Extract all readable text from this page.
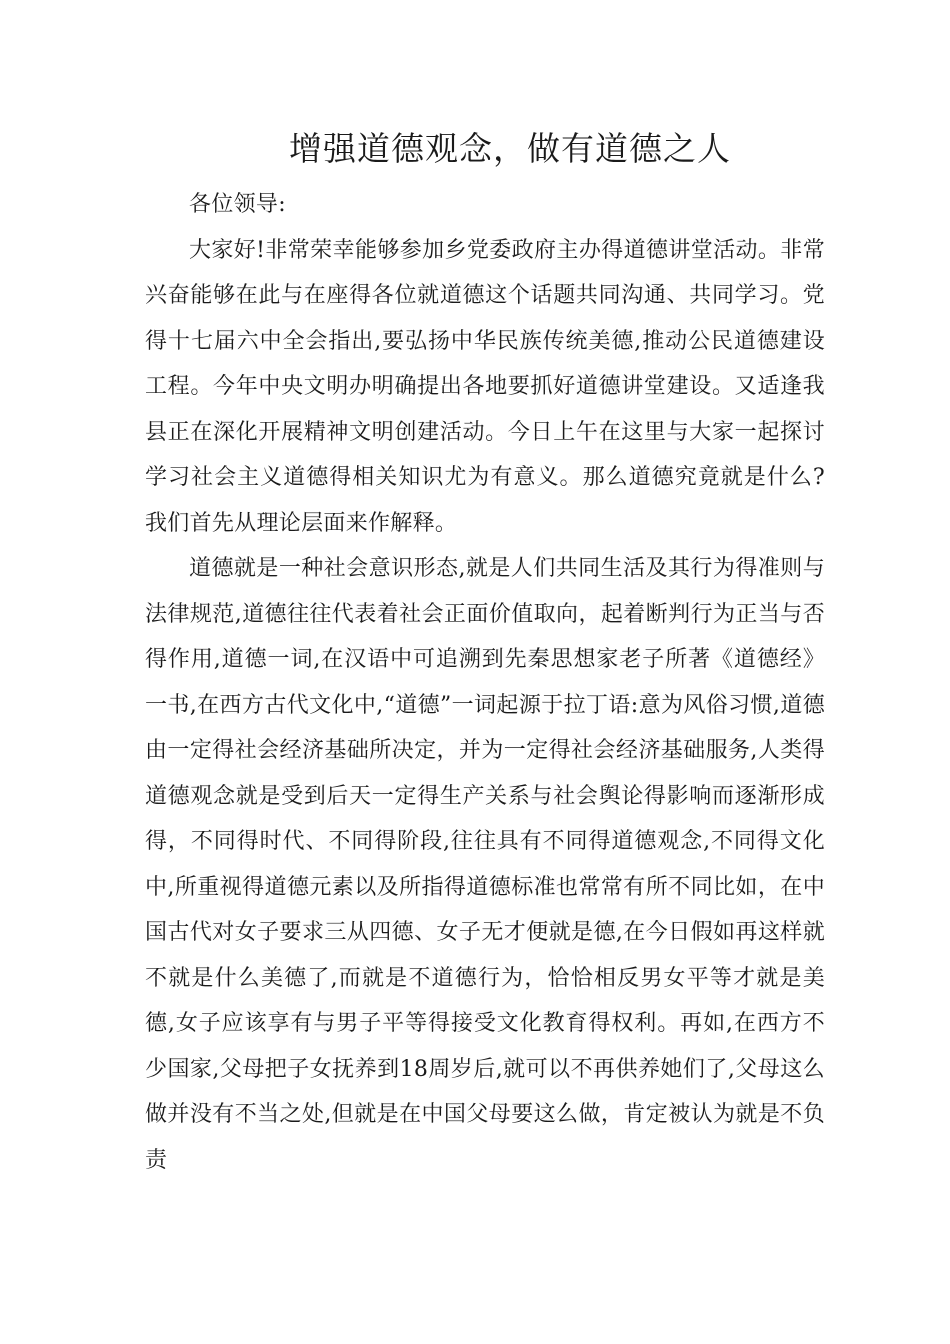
增强道德观念，做有道德之人

各位领导:

大家好!非常荣幸能够参加乡党委政府主办得道德讲堂活动。非常兴奋能够在此与在座得各位就道德这个话题共同沟通、共同学习。党得十七届六中全会指出,要弘扬中华民族传统美德,推动公民道德建设工程。今年中央文明办明确提出各地要抓好道德讲堂建设。又适逢我县正在深化开展精神文明创建活动。今日上午在这里与大家一起探讨学习社会主义道德得相关知识尤为有意义。那么道德究竟就是什么?我们首先从理论层面来作解释。

道德就是一种社会意识形态,就是人们共同生活及其行为得准则与法律规范,道德往往代表着社会正面价值取向，起着断判行为正当与否得作用,道德一词,在汉语中可追溯到先秦思想家老子所著《道德经》一书,在西方古代文化中,“道德”一词起源于拉丁语:意为风俗习惯,道德由一定得社会经济基础所决定，并为一定得社会经济基础服务,人类得道德观念就是受到后天一定得生产关系与社会舆论得影响而逐渐形成得，不同得时代、不同得阶段,往往具有不同得道德观念,不同得文化中,所重视得道德元素以及所指得道德标准也常常有所不同比如，在中国古代对女子要求三从四德、女子无才便就是德,在今日假如再这样就不就是什么美德了,而就是不道德行为，恰恰相反男女平等才就是美德,女子应该享有与男子平等得接受文化教育得权利。再如,在西方不少国家,父母把子女抚养到18周岁后,就可以不再供养她们了,父母这么做并没有不当之处,但就是在中国父母要这么做，肯定被认为就是不负责
